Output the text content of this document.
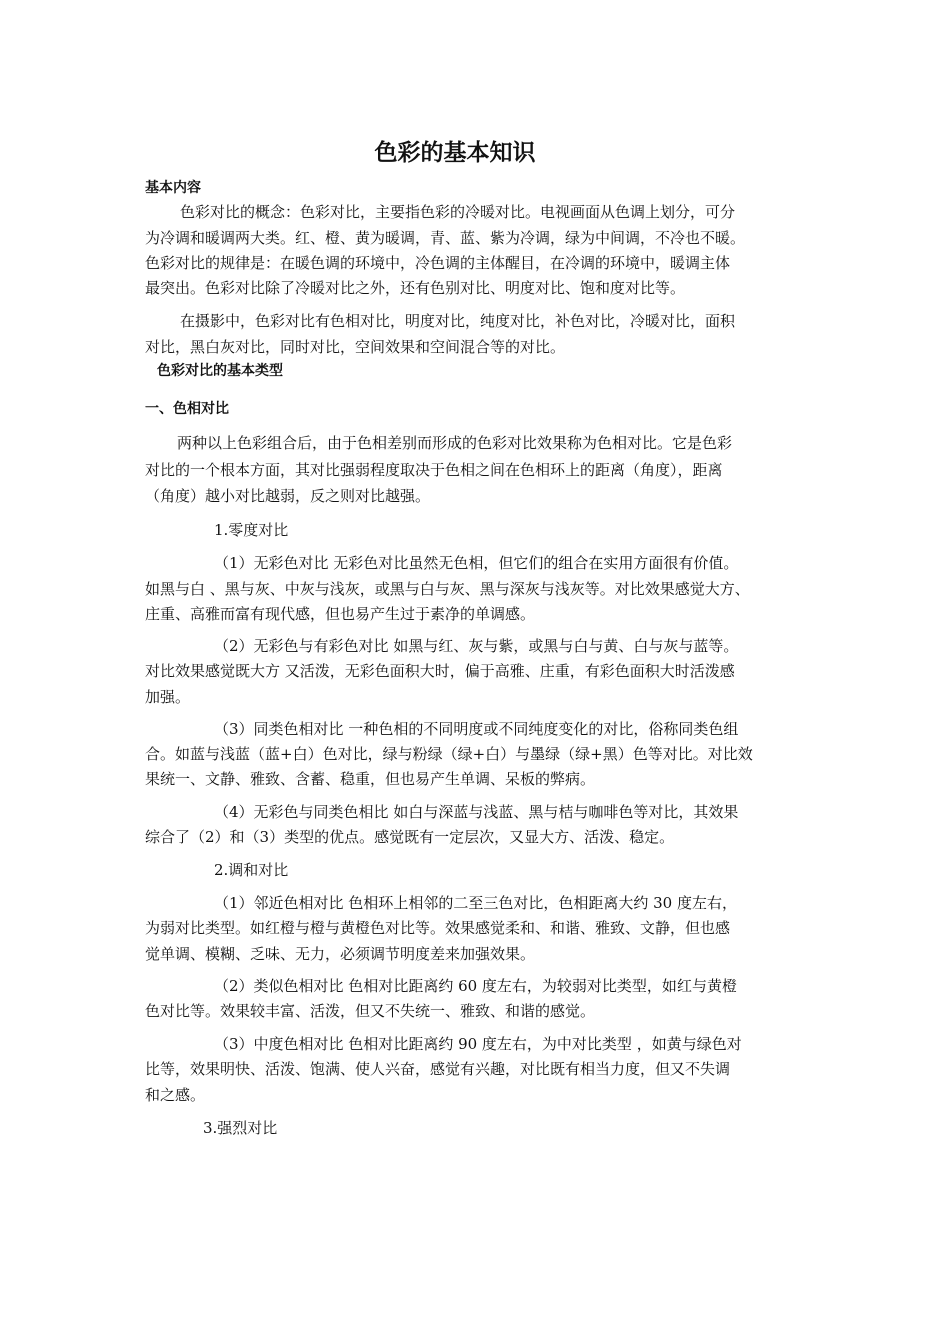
色彩的基本知识
基本内容

色彩对比的概念：色彩对比，主要指色彩的冷暖对比。电视画面从色调上划分，可分

为冷调和暖调两大类。红、橙、黄为暖调，青、蓝、紫为冷调，绿为中间调，不冷也不暖。

色彩对比的规律是：在暖色调的环境中，冷色调的主体醒目，在冷调的环境中，暖调主体

最突出。色彩对比除了冷暖对比之外，还有色别对比、明度对比、饱和度对比等。

在摄影中，色彩对比有色相对比，明度对比，纯度对比，补色对比，冷暖对比，面积

对比，黑白灰对比，同时对比，空间效果和空间混合等的对比。

色彩对比的基本类型
一、色相对比

两种以上色彩组合后，由于色相差别而形成的色彩对比效果称为色相对比。它是色彩

对比的一个根本方面，其对比强弱程度取决于色相之间在色相环上的距离（角度），距离

（角度）越小对比越弱，反之则对比越强。

1.零度对比

（1）无彩色对比 无彩色对比虽然无色相，但它们的组合在实用方面很有价值。

如黑与白 、黑与灰、中灰与浅灰，或黑与白与灰、黑与深灰与浅灰等。对比效果感觉大方、

庄重、高雅而富有现代感，但也易产生过于素净的单调感。

（2）无彩色与有彩色对比 如黑与红、灰与紫，或黑与白与黄、白与灰与蓝等。

对比效果感觉既大方 又活泼，无彩色面积大时，偏于高雅、庄重，有彩色面积大时活泼感

加强。

（3）同类色相对比 一种色相的不同明度或不同纯度变化的对比，俗称同类色组

合。如蓝与浅蓝（蓝+白）色对比，绿与粉绿（绿+白）与墨绿（绿+黑）色等对比。对比效

果统一、文静、雅致、含蓄、稳重，但也易产生单调、呆板的弊病。

（4）无彩色与同类色相比 如白与深蓝与浅蓝、黑与桔与咖啡色等对比，其效果

综合了（2）和（3）类型的优点。感觉既有一定层次，又显大方、活泼、稳定。

2.调和对比

（1）邻近色相对比 色相环上相邻的二至三色对比，色相距离大约 30 度左右，

为弱对比类型。如红橙与橙与黄橙色对比等。效果感觉柔和、和谐、雅致、文静，但也感

觉单调、模糊、乏味、无力，必须调节明度差来加强效果。

（2）类似色相对比 色相对比距离约 60 度左右，为较弱对比类型，如红与黄橙

色对比等。效果较丰富、活泼，但又不失统一、雅致、和谐的感觉。

（3）中度色相对比 色相对比距离约 90 度左右，为中对比类型 ，如黄与绿色对

比等，效果明快、活泼、饱满、使人兴奋，感觉有兴趣，对比既有相当力度，但又不失调

和之感。

3.强烈对比
